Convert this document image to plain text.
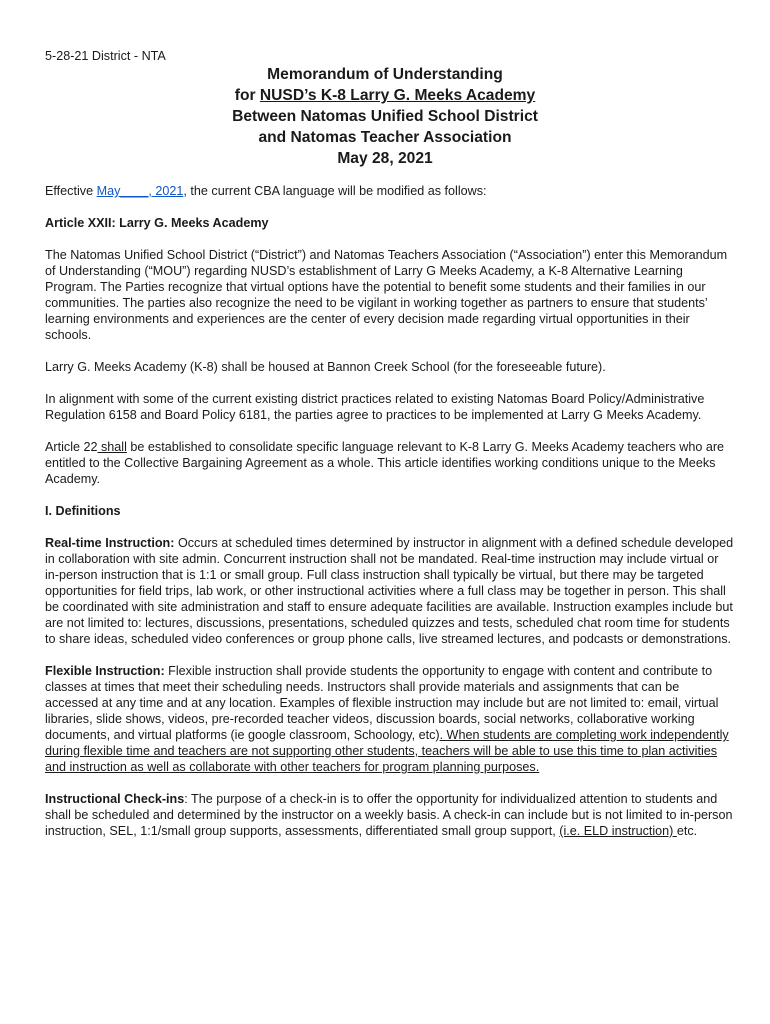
5-28-21 District - NTA
Memorandum of Understanding
for NUSD’s K-8 Larry G. Meeks Academy
Between Natomas Unified School District
and Natomas Teacher Association
May 28, 2021

Effective May____, 2021, the current CBA language will be modified as follows:

Article XXII: Larry G. Meeks Academy

The Natomas Unified School District (“District”) and Natomas Teachers Association (“Association”) enter this Memorandum of Understanding (“MOU”) regarding NUSD’s establishment of Larry G Meeks Academy, a K-8 Alternative Learning Program. The Parties recognize that virtual options have the potential to benefit some students and their families in our communities. The parties also recognize the need to be vigilant in working together as partners to ensure that students’ learning environments and experiences are the center of every decision made regarding virtual opportunities in their schools.

Larry G. Meeks Academy (K-8) shall be housed at Bannon Creek School (for the foreseeable future).

In alignment with some of the current existing district practices related to existing Natomas Board Policy/Administrative Regulation 6158 and Board Policy 6181, the parties agree to practices to be implemented at Larry G Meeks Academy.

Article 22 shall be established to consolidate specific language relevant to K-8 Larry G. Meeks Academy teachers who are entitled to the Collective Bargaining Agreement as a whole. This article identifies working conditions unique to the Meeks Academy.

I. Definitions

Real-time Instruction: Occurs at scheduled times determined by instructor in alignment with a defined schedule developed in collaboration with site admin. Concurrent instruction shall not be mandated. Real-time instruction may include virtual or in-person instruction that is 1:1 or small group. Full class instruction shall typically be virtual, but there may be targeted opportunities for field trips, lab work, or other instructional activities where a full class may be together in person. This shall be coordinated with site administration and staff to ensure adequate facilities are available. Instruction examples include but are not limited to: lectures, discussions, presentations, scheduled quizzes and tests, scheduled chat room time for students to share ideas, scheduled video conferences or group phone calls, live streamed lectures, and podcasts or demonstrations.

Flexible Instruction: Flexible instruction shall provide students the opportunity to engage with content and contribute to classes at times that meet their scheduling needs. Instructors shall provide materials and assignments that can be accessed at any time and at any location. Examples of flexible instruction may include but are not limited to: email, virtual libraries, slide shows, videos, pre-recorded teacher videos, discussion boards, social networks, collaborative working documents, and virtual platforms (ie google classroom, Schoology, etc). When students are completing work independently during flexible time and teachers are not supporting other students, teachers will be able to use this time to plan activities and instruction as well as collaborate with other teachers for program planning purposes.

Instructional Check-ins: The purpose of a check-in is to offer the opportunity for individualized attention to students and shall be scheduled and determined by the instructor on a weekly basis. A check-in can include but is not limited to in-person instruction, SEL, 1:1/small group supports, assessments, differentiated small group support, (i.e. ELD instruction) etc.
